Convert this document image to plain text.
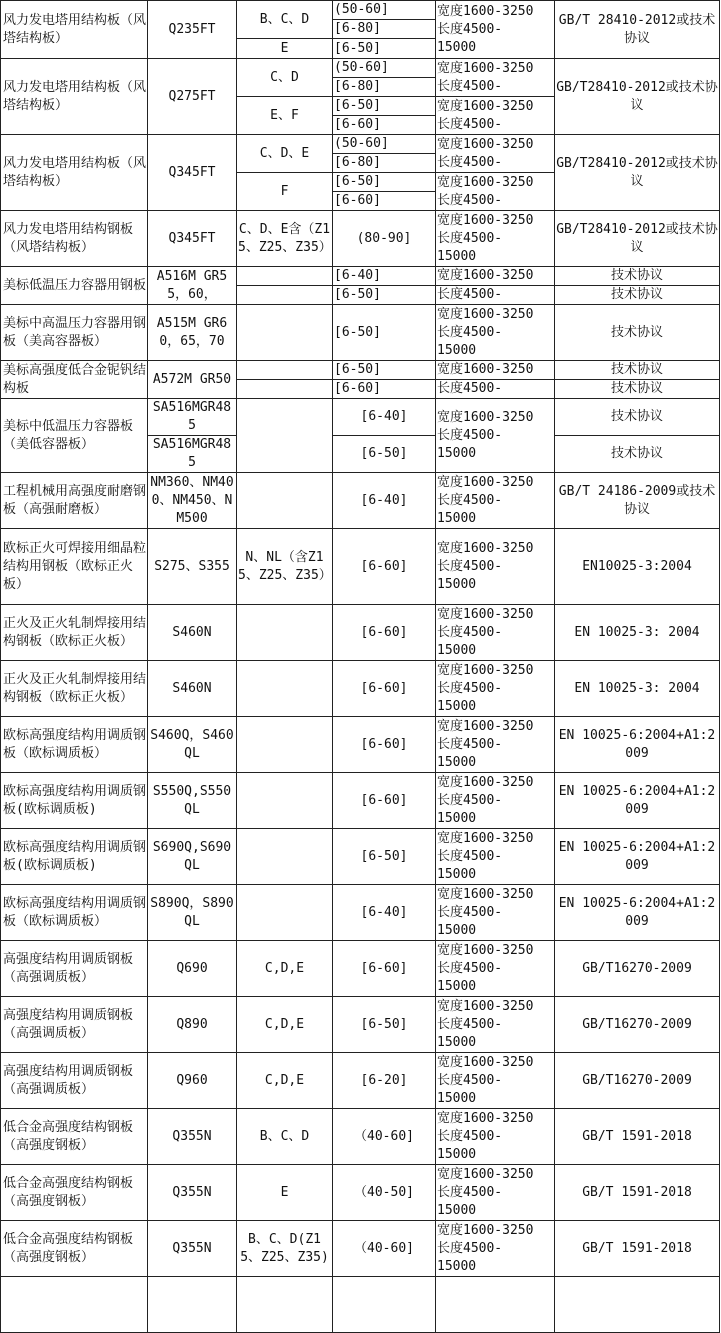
风力发电塔用结构板（风塔结构板）	Q235FT	B、C、D	(50-60]	宽度1600-3250
长度4500-
15000	GB/T 28410-2012或技术协议
			[6-80]		
		E	[6-50]		
风力发电塔用结构板（风塔结构板）	Q275FT	C、D	(50-60]	宽度1600-3250
长度4500-	GB/T28410-2012或技术协议
			[6-80]		
		E、F	[6-50]	宽度1600-3250
长度4500-	

			[6-60]		
风力发电塔用结构板（风塔结构板）	Q345FT	C、D、E	(50-60]	宽度1600-3250
长度4500-	GB/T28410-2012或技术协议
			[6-80]		
		F	[6-50]	宽度1600-3250
长度4500-	

			[6-60]		
风力发电塔用结构钢板（风塔结构板）	Q345FT	C、D、E含（Z15、Z25、Z35）	(80-90]	宽度1600-3250
长度4500-
15000	GB/T28410-2012或技术协议
美标低温压力容器用钢板	A516M GR55，60，		[6-40]	宽度1600-3250	技术协议
			[6-50]	长度4500-	技术协议
美标中高温压力容器用钢板（美高容器板）	A515M GR60，65，70		[6-50]	宽度1600-3250
长度4500-
15000	技术协议
美标高强度低合金铌钒结构板	A572M GR50		[6-50]	宽度1600-3250	技术协议
			[6-60]	长度4500-	技术协议
美标中低温压力容器板（美低容器板）	SA516MGR485		[6-40]	宽度1600-3250
长度4500-
15000	技术协议
	SA516MGR485		[6-50]		技术协议
工程机械用高强度耐磨钢板（高强耐磨板）	NM360、NM400、NM450、NM500		[6-40]	宽度1600-3250
长度4500-
15000	GB/T 24186-2009或技术协议
欧标正火可焊接用细晶粒结构用钢板（欧标正火板）	S275、S355	N、NL（含Z15、Z25、Z35）	[6-60]	宽度1600-3250
长度4500-
15000	EN10025-3:2004
正火及正火轧制焊接用结构钢板（欧标正火板）	S460N		[6-60]	宽度1600-3250
长度4500-
15000	EN 10025-3: 2004
正火及正火轧制焊接用结构钢板（欧标正火板）	S460N		[6-60]	宽度1600-3250
长度4500-
15000	EN 10025-3: 2004
欧标高强度结构用调质钢板（欧标调质板）	S460Q，S460QL		[6-60]	宽度1600-3250
长度4500-
15000	EN 10025-6:2004+A1:2009
欧标高强度结构用调质钢板(欧标调质板)	S550Q,S550QL		[6-60]	宽度1600-3250
长度4500-
15000	EN 10025-6:2004+A1:2009
欧标高强度结构用调质钢板(欧标调质板)	S690Q,S690QL		[6-50]	宽度1600-3250
长度4500-
15000	EN 10025-6:2004+A1:2009
欧标高强度结构用调质钢板（欧标调质板）	S890Q，S890QL		[6-40]	宽度1600-3250
长度4500-
15000	EN 10025-6:2004+A1:2009
高强度结构用调质钢板（高强调质板）	Q690	C,D,E	[6-60]	宽度1600-3250
长度4500-
15000	GB/T16270-2009
高强度结构用调质钢板（高强调质板）	Q890	C,D,E	[6-50]	宽度1600-3250
长度4500-
15000	GB/T16270-2009
高强度结构用调质钢板（高强调质板）	Q960	C,D,E	[6-20]	宽度1600-3250
长度4500-
15000	GB/T16270-2009
低合金高强度结构钢板（高强度钢板）	Q355N	B、C、D	（40-60]	宽度1600-3250
长度4500-
15000	GB/T 1591-2018
低合金高强度结构钢板（高强度钢板）	Q355N	E	（40-50]	宽度1600-3250
长度4500-
15000	GB/T 1591-2018
低合金高强度结构钢板（高强度钢板）	Q355N	B、C、D(Z15、Z25、Z35)	（40-60]	宽度1600-3250
长度4500-
15000	GB/T 1591-2018
